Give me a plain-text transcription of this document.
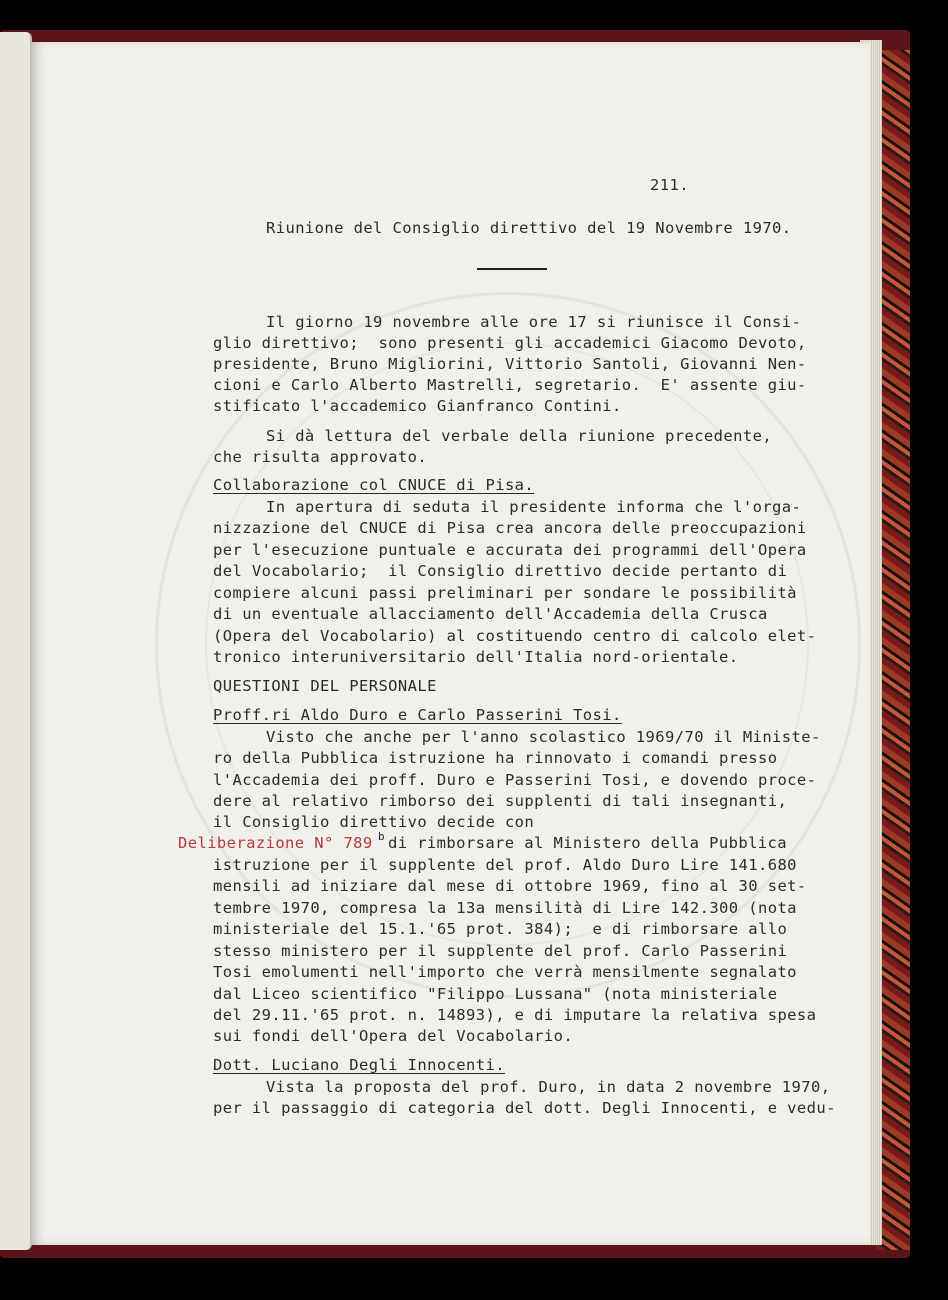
211.
Riunione del Consiglio direttivo del 19 Novembre 1970.
Il giorno 19 novembre alle ore 17 si riunisce il Consi-
glio direttivo;  sono presenti gli accademici Giacomo Devoto,
presidente, Bruno Migliorini, Vittorio Santoli, Giovanni Nen-
cioni e Carlo Alberto Mastrelli, segretario.  E' assente giu-
stificato l'accademico Gianfranco Contini.
Si dà lettura del verbale della riunione precedente,
che risulta approvato.
Collaborazione col CNUCE di Pisa.
In apertura di seduta il presidente informa che l'orga-
nizzazione del CNUCE di Pisa crea ancora delle preoccupazioni
per l'esecuzione puntuale e accurata dei programmi dell'Opera
del Vocabolario;  il Consiglio direttivo decide pertanto di
compiere alcuni passi preliminari per sondare le possibilità
di un eventuale allacciamento dell'Accademia della Crusca
(Opera del Vocabolario) al costituendo centro di calcolo elet-
tronico interuniversitario dell'Italia nord-orientale.
QUESTIONI DEL PERSONALE
Proff.ri Aldo Duro e Carlo Passerini Tosi.
Visto che anche per l'anno scolastico 1969/70 il Ministe-
ro della Pubblica istruzione ha rinnovato i comandi presso
l'Accademia dei proff. Duro e Passerini Tosi, e dovendo proce-
dere al relativo rimborso dei supplenti di tali insegnanti,
il Consiglio direttivo decide con
Deliberazione N° 789 b di rimborsare al Ministero della Pubblica
istruzione per il supplente del prof. Aldo Duro Lire 141.680
mensili ad iniziare dal mese di ottobre 1969, fino al 30 set-
tembre 1970, compresa la 13a mensilità di Lire 142.300 (nota
ministeriale del 15.1.'65 prot. 384);  e di rimborsare allo
stesso ministero per il supplente del prof. Carlo Passerini
Tosi emolumenti nell'importo che verrà mensilmente segnalato
dal Liceo scientifico "Filippo Lussana" (nota ministeriale
del 29.11.'65 prot. n. 14893), e di imputare la relativa spesa
sui fondi dell'Opera del Vocabolario.
Dott. Luciano Degli Innocenti.
Vista la proposta del prof. Duro, in data 2 novembre 1970,
per il passaggio di categoria del dott. Degli Innocenti, e vedu-
